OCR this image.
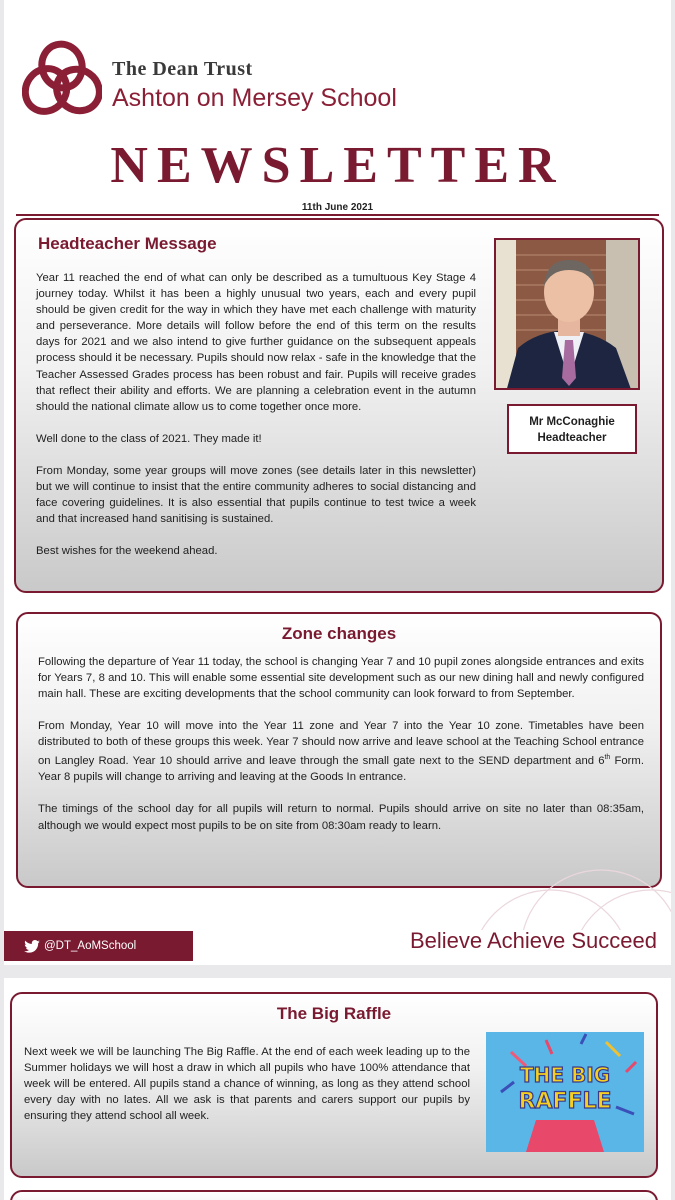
The Dean Trust
Ashton on Mersey School
NEWSLETTER
11th June 2021
Headteacher Message

Year 11 reached the end of what can only be described as a tumultuous Key Stage 4 journey today. Whilst it has been a highly unusual two years, each and every pupil should be given credit for the way in which they have met each challenge with maturity and perseverance. More details will follow before the end of this term on the results days for 2021 and we also intend to give further guidance on the subsequent appeals process should it be necessary. Pupils should now relax - safe in the knowledge that the Teacher Assessed Grades process has been robust and fair. Pupils will receive grades that reflect their ability and efforts. We are planning a celebration event in the autumn should the national climate allow us to come together once more.

Well done to the class of 2021. They made it!

From Monday, some year groups will move zones (see details later in this newsletter) but we will continue to insist that the entire community adheres to social distancing and face covering guidelines. It is also essential that pupils continue to test twice a week and that increased hand sanitising is sustained.

Best wishes for the weekend ahead.

Mr McConaghie
Headteacher
Zone changes

Following the departure of Year 11 today, the school is changing Year 7 and 10 pupil zones alongside entrances and exits for Years 7, 8 and 10. This will enable some essential site development such as our new dining hall and newly configured main hall. These are exciting developments that the school community can look forward to from September.

From Monday, Year 10 will move into the Year 11 zone and Year 7 into the Year 10 zone. Timetables have been distributed to both of these groups this week. Year 7 should now arrive and leave school at the Teaching School entrance on Langley Road. Year 10 should arrive and leave through the small gate next to the SEND department and 6th Form. Year 8 pupils will change to arriving and leaving at the Goods In entrance.

The timings of the school day for all pupils will return to normal. Pupils should arrive on site no later than 08:35am, although we would expect most pupils to be on site from 08:30am ready to learn.

@DT_AoMSchool	Believe Achieve Succeed
The Big Raffle

Next week we will be launching The Big Raffle. At the end of each week leading up to the Summer holidays we will host a draw in which all pupils who have 100% attendance that week will be entered. All pupils stand a chance of winning, as long as they attend school every day with no lates. All we ask is that parents and carers support our pupils by ensuring they attend school all week.

THE BIG
RAFFLE
